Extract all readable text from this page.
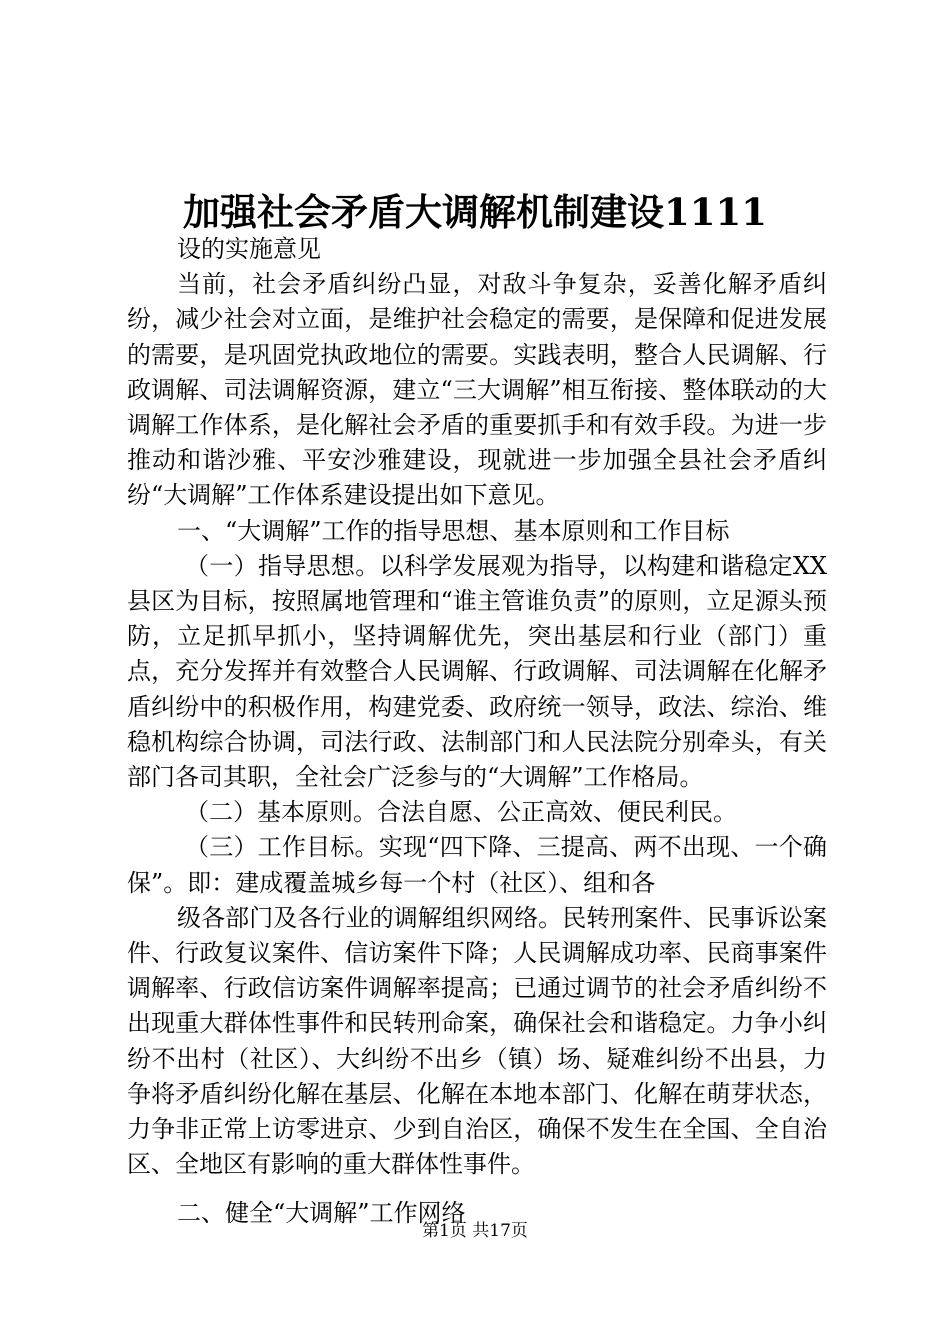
加强社会矛盾大调解机制建设1111

设的实施意见

当前，社会矛盾纠纷凸显，对敌斗争复杂，妥善化解矛盾纠纷，减少社会对立面，是维护社会稳定的需要，是保障和促进发展的需要，是巩固党执政地位的需要。实践表明，整合人民调解、行政调解、司法调解资源，建立“三大调解”相互衔接、整体联动的大调解工作体系，是化解社会矛盾的重要抓手和有效手段。为进一步推动和谐沙雅、平安沙雅建设，现就进一步加强全县社会矛盾纠纷“大调解”工作体系建设提出如下意见。

一、“大调解”工作的指导思想、基本原则和工作目标

（一）指导思想。以科学发展观为指导，以构建和谐稳定XX县区为目标，按照属地管理和“谁主管谁负责”的原则，立足源头预防，立足抓早抓小，坚持调解优先，突出基层和行业（部门）重点，充分发挥并有效整合人民调解、行政调解、司法调解在化解矛盾纠纷中的积极作用，构建党委、政府统一领导，政法、综治、维稳机构综合协调，司法行政、法制部门和人民法院分别牵头，有关部门各司其职，全社会广泛参与的“大调解”工作格局。

（二）基本原则。合法自愿、公正高效、便民利民。

（三）工作目标。实现“四下降、三提高、两不出现、一个确保”。即：建成覆盖城乡每一个村（社区）、组和各

级各部门及各行业的调解组织网络。民转刑案件、民事诉讼案件、行政复议案件、信访案件下降；人民调解成功率、民商事案件调解率、行政信访案件调解率提高；已通过调节的社会矛盾纠纷不出现重大群体性事件和民转刑命案，确保社会和谐稳定。力争小纠纷不出村（社区）、大纠纷不出乡（镇）场、疑难纠纷不出县，力争将矛盾纠纷化解在基层、化解在本地本部门、化解在萌芽状态，力争非正常上访零进京、少到自治区，确保不发生在全国、全自治区、全地区有影响的重大群体性事件。

二、健全“大调解”工作网络

第1页 共17页
